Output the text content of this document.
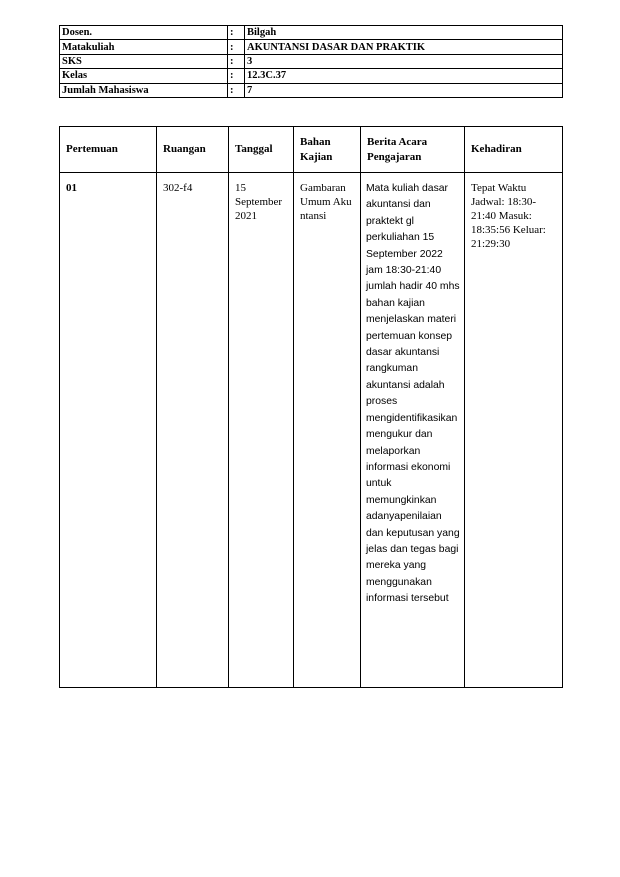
Dosen.	:	Bilgah
Matakuliah	:	AKUNTANSI DASAR DAN PRAKTIK
SKS	:	3
Kelas	:	12.3C.37
Jumlah Mahasiswa	:	7
Pertemuan	Ruangan	Tanggal	Bahan Kajian	Berita Acara Pengajaran	Kehadiran
01	302-f4	15 September 2021	Gambaran Umum Akuntansi	Mata kuliah dasar akuntansi dan praktekt gl perkuliahan 15 September 2022 jam 18:30-21:40 jumlah hadir 40 mhs bahan kajian menjelaskan materi pertemuan konsep dasar akuntansi rangkuman akuntansi adalah proses mengidentifikasikan mengukur dan melaporkan informasi ekonomi untuk memungkinkan adanyapenilaian dan keputusan yang jelas dan tegas bagi mereka yang menggunakan informasi tersebut	Tepat Waktu Jadwal: 18:30-21:40 Masuk: 18:35:56 Keluar: 21:29:30
